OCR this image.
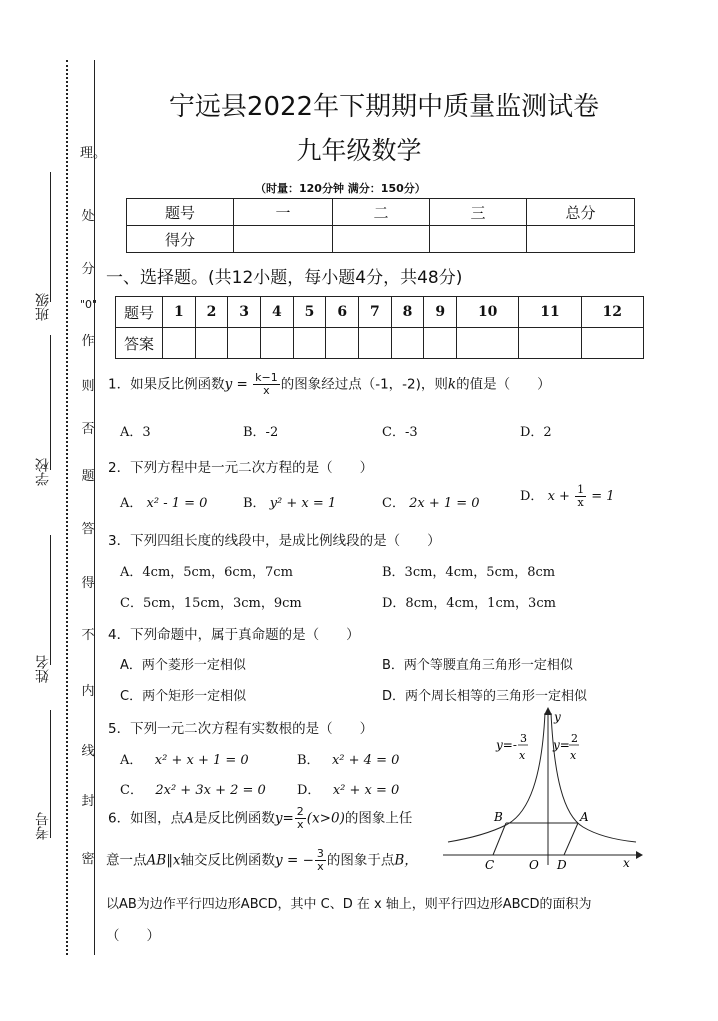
理。
处
分
"0"
作
则
否
题
答
得
不
内
线
封
密
班级
学校
姓名
考号
宁远县2022年下期期中质量监测试卷
九年级数学
（时量：120分钟 满分：150分）
题号	一	二	三	总分
得分				
一、选择题。(共12小题，每小题4分，共48分)
题号	1	2	3	4	5	6	7	8	9	10	11	12
答案												
1．如果反比例函数$y = \frac{k-1}{x}$ 的图象经过点（-1，-2)，则k的值是（　　）
A．3	B．-2	C．-3	D．2
2．下列方程中是一元二次方程的是（　　）
A． x² - 1 = 0	B． y² + x = 1	C． 2x + 1 = 0	D． $x + \frac{1}{x} = 1$
3．下列四组长度的线段中，是成比例线段的是（　　）
A．4cm，5cm，6cm，7cm	B．3cm，4cm，5cm，8cm
C．5cm，15cm，3cm，9cm	D．8cm，4cm，1cm，3cm
4．下列命题中，属于真命题的是（　　）
A．两个菱形一定相似	B．两个等腰直角三角形一定相似
C．两个矩形一定相似	D．两个周长相等的三角形一定相似
5．下列一元二次方程有实数根的是（　　）
A． x² + x + 1 = 0	B． x² + 4 = 0
C． 2x² + 3x + 2 = 0 D． x² + x = 0
6．如图，点A是反比例函数$y= \frac{2}{x} (x>0)$的图象上任
意一点AB∥x轴交反比例函数y = − $\frac{3}{x}$ 的图象于点B，
以AB为边作平行四边形ABCD，其中 C、D 在 x 轴上，则平行四边形ABCD的面积为
（　　）
y=- 3
x
y= 2
x
y
x
B	A
C	O D
